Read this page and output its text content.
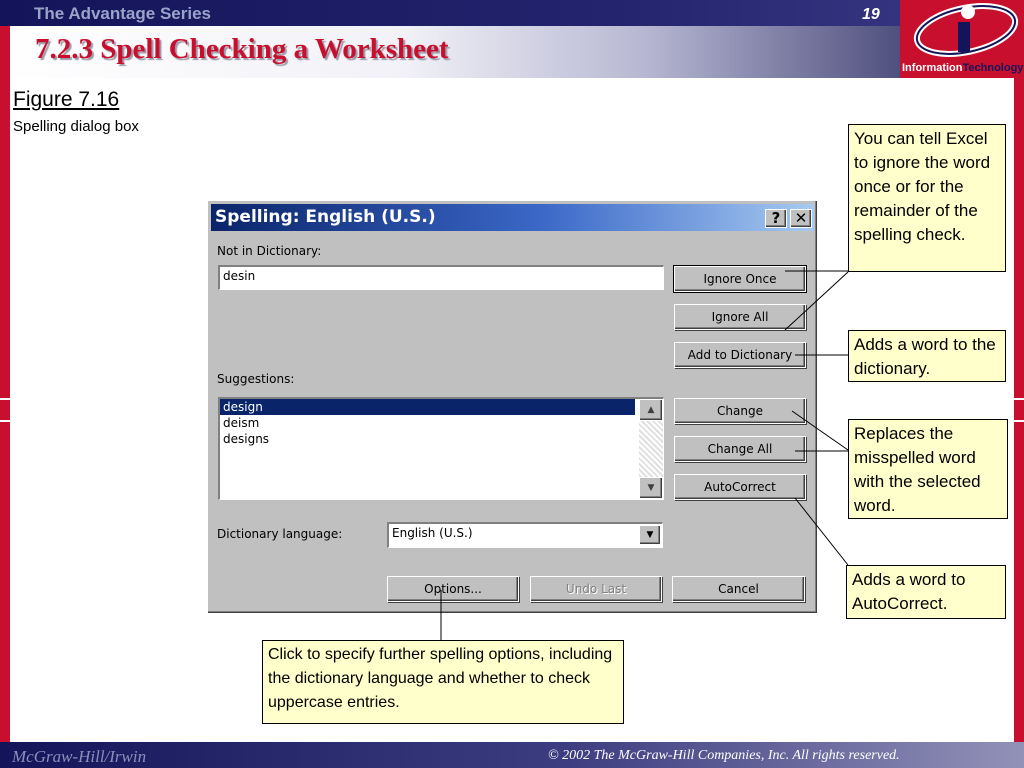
The Advantage Series	19
7.2.3 Spell Checking a Worksheet
InformationTechnology
Figure 7.16
Spelling dialog box
Spelling: English (U.S.)	? ✕
Not in Dictionary:
desin
Suggestions:
design
deism
designs
▲
▼
Dictionary language:	English (U.S.)	▼
Ignore Once
Ignore All
Add to Dictionary
Change
Change All
AutoCorrect
Options...	Undo Last	Cancel
You can tell Excel to ignore the word once or for the remainder of the spelling check.
Adds a word to the dictionary.
Replaces the misspelled word with the selected word.
Adds a word to AutoCorrect.
Click to specify further spelling options, including the dictionary language and whether to check uppercase entries.
McGraw-Hill/Irwin	© 2002 The McGraw-Hill Companies, Inc. All rights reserved.
